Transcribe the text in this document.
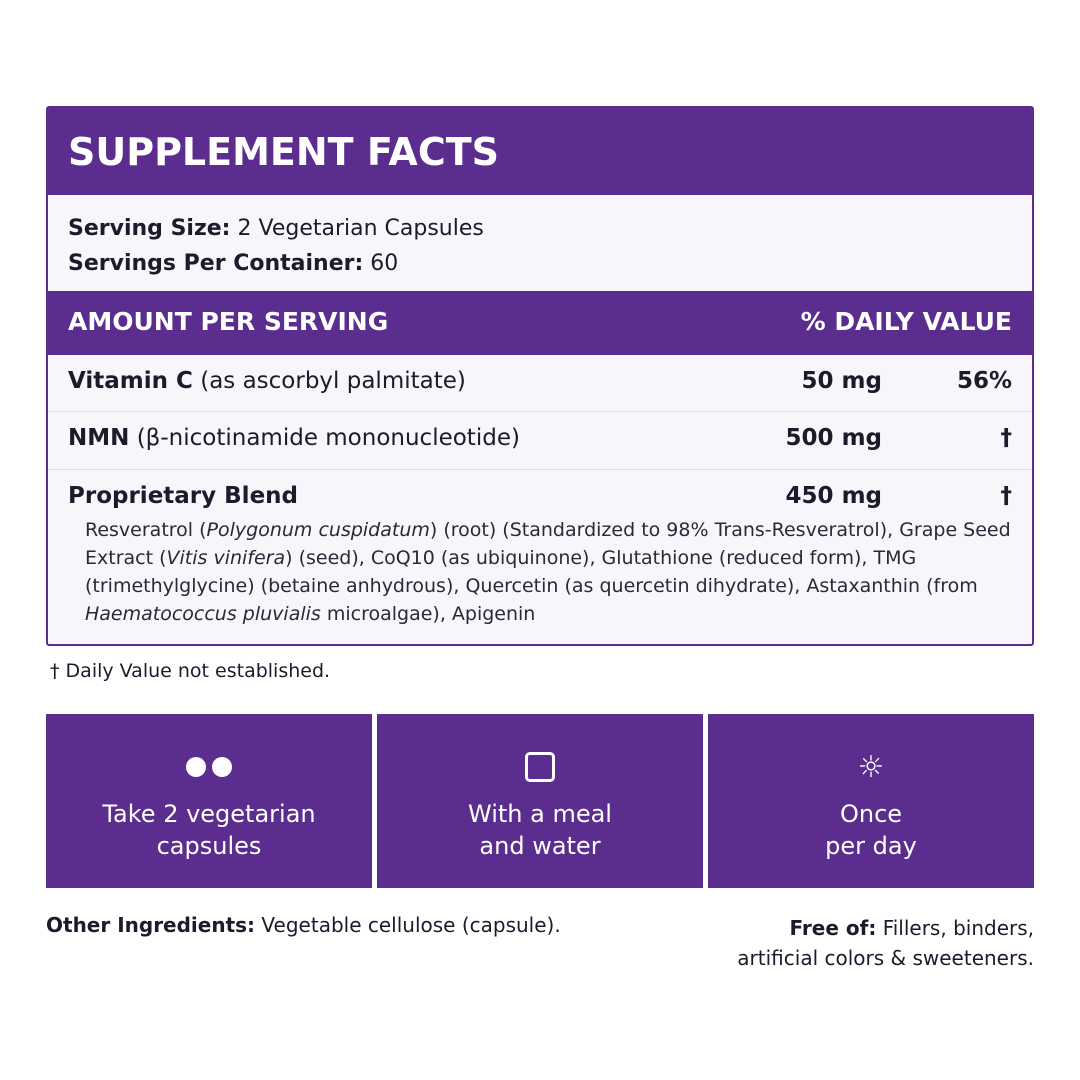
SUPPLEMENT FACTS
Serving Size: 2 Vegetarian Capsules
Servings Per Container: 60
AMOUNT PER SERVING	% DAILY VALUE
Vitamin C (as ascorbyl palmitate)	50 mg	56%
NMN (β-nicotinamide mononucleotide)	500 mg	†
Proprietary Blend	450 mg	†
Resveratrol (Polygonum cuspidatum) (root) (Standardized to 98% Trans-Resveratrol), Grape Seed Extract (Vitis vinifera) (seed), CoQ10 (as ubiquinone), Glutathione (reduced form), TMG (trimethylglycine) (betaine anhydrous), Quercetin (as quercetin dihydrate), Astaxanthin (from Haematococcus pluvialis microalgae), Apigenin
† Daily Value not established.
Take 2 vegetarian
capsules
With a meal
and water
☼
Once
per day
Other Ingredients: Vegetable cellulose (capsule).	Free of: Fillers, binders,
artificial colors & sweeteners.
